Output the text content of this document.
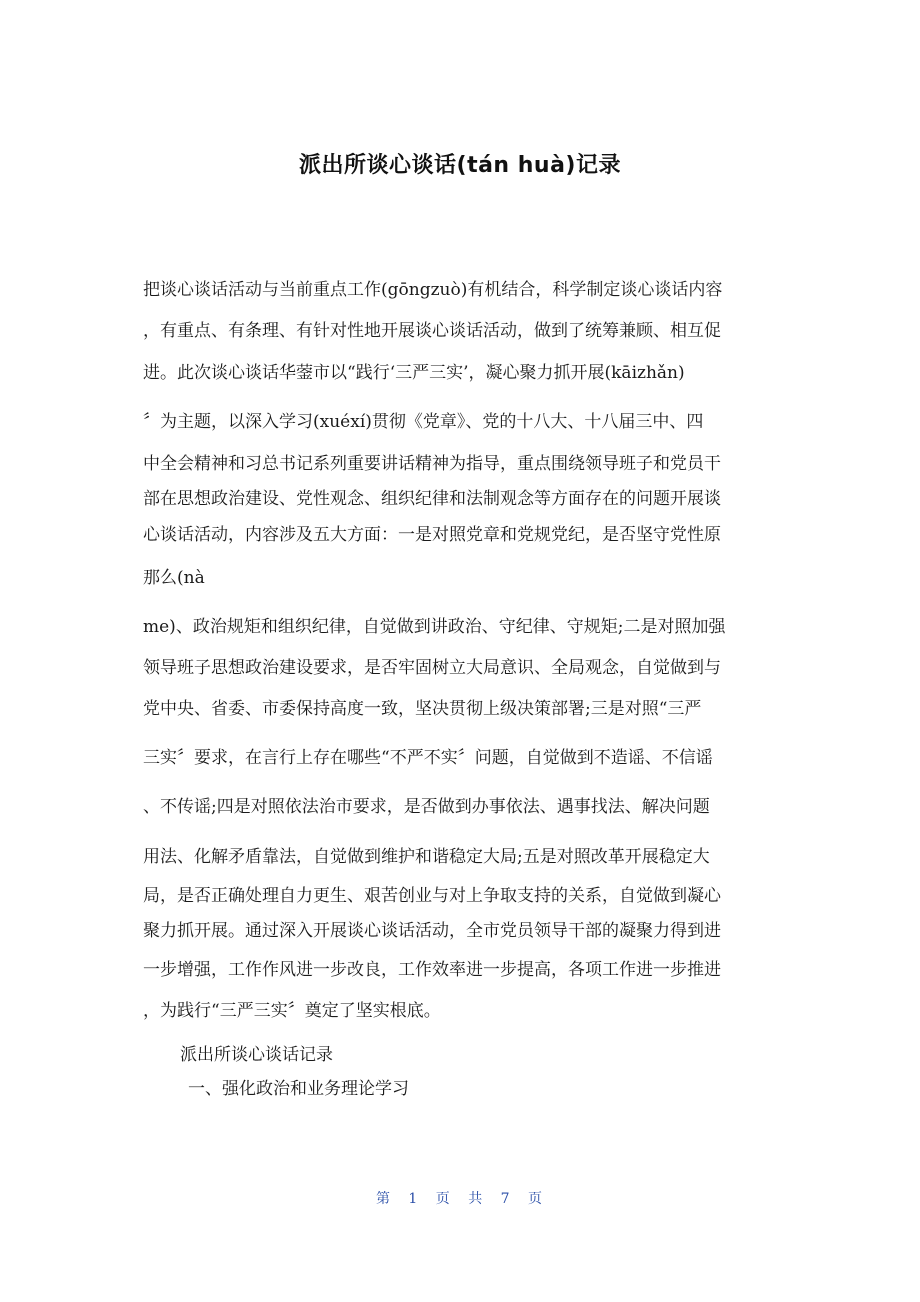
派出所谈心谈话(tán huà)记录
把谈心谈话活动与当前重点工作(gōngzuò)有机结合，科学制定谈心谈话内容
，有重点、有条理、有针对性地开展谈心谈话活动，做到了统筹兼顾、相互促
进。此次谈心谈话华蓥市以“践行‘三严三实’，凝心聚力抓开展(kāizhǎn)
〞为主题，以深入学习(xuéxí)贯彻《党章》、党的十八大、十八届三中、四
中全会精神和习总书记系列重要讲话精神为指导，重点围绕领导班子和党员干
部在思想政治建设、党性观念、组织纪律和法制观念等方面存在的问题开展谈
心谈话活动，内容涉及五大方面：一是对照党章和党规党纪，是否坚守党性原
那么(nà
me)、政治规矩和组织纪律，自觉做到讲政治、守纪律、守规矩;二是对照加强
领导班子思想政治建设要求，是否牢固树立大局意识、全局观念，自觉做到与
党中央、省委、市委保持高度一致，坚决贯彻上级决策部署;三是对照“三严
三实〞要求，在言行上存在哪些“不严不实〞问题，自觉做到不造谣、不信谣
、不传谣;四是对照依法治市要求，是否做到办事依法、遇事找法、解决问题
用法、化解矛盾靠法，自觉做到维护和谐稳定大局;五是对照改革开展稳定大
局，是否正确处理自力更生、艰苦创业与对上争取支持的关系，自觉做到凝心
聚力抓开展。通过深入开展谈心谈话活动，全市党员领导干部的凝聚力得到进
一步增强，工作作风进一步改良，工作效率进一步提高，各项工作进一步推进
，为践行“三严三实〞奠定了坚实根底。
派出所谈心谈话记录
一、强化政治和业务理论学习
第 1 页 共 7 页
